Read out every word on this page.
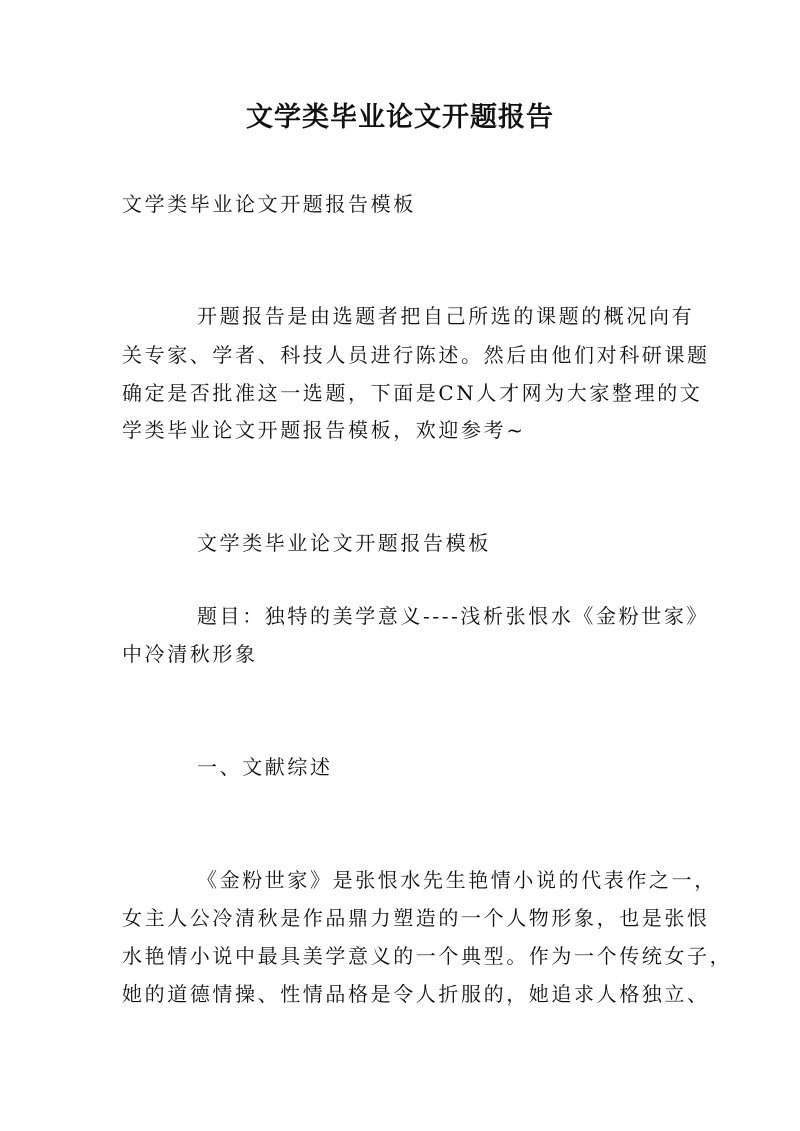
文学类毕业论文开题报告

文学类毕业论文开题报告模板

开题报告是由选题者把自己所选的课题的概况向有

关专家、学者、科技人员进行陈述。然后由他们对科研课题

确定是否批准这一选题，下面是CN人才网为大家整理的文

学类毕业论文开题报告模板，欢迎参考~

文学类毕业论文开题报告模板

题目：独特的美学意义----浅析张恨水《金粉世家》

中冷清秋形象

一、文献综述

《金粉世家》是张恨水先生艳情小说的代表作之一，

女主人公冷清秋是作品鼎力塑造的一个人物形象，也是张恨

水艳情小说中最具美学意义的一个典型。作为一个传统女子，

她的道德情操、性情品格是令人折服的，她追求人格独立、
